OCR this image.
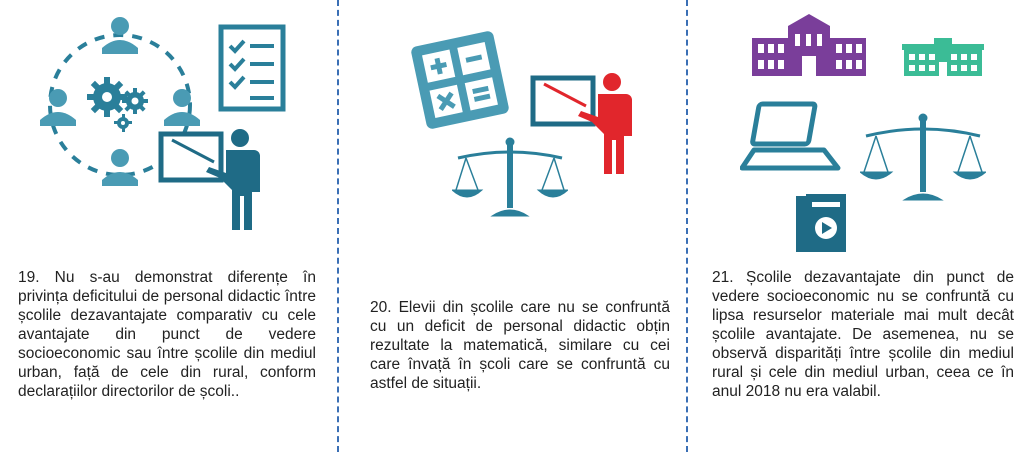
19. Nu s-au demonstrat diferențe în privința deficitului de personal didactic între școlile dezavantajate comparativ cu cele avantajate din punct de vedere socioeconomic sau între școlile din mediul urban, față de cele din rural, conform declarațiilor directorilor de școli..
20. Elevii din școlile care nu se confruntă cu un deficit de personal didactic obțin rezultate la matematică, similare cu cei care învață în școli care se confruntă cu astfel de situații.
21. Școlile dezavantajate din punct de vedere socioeconomic nu se confruntă cu lipsa resurselor materiale mai mult decât școlile avantajate. De asemenea, nu se observă disparități între școlile din mediul rural și cele din mediul urban, ceea ce în anul 2018 nu era valabil.
